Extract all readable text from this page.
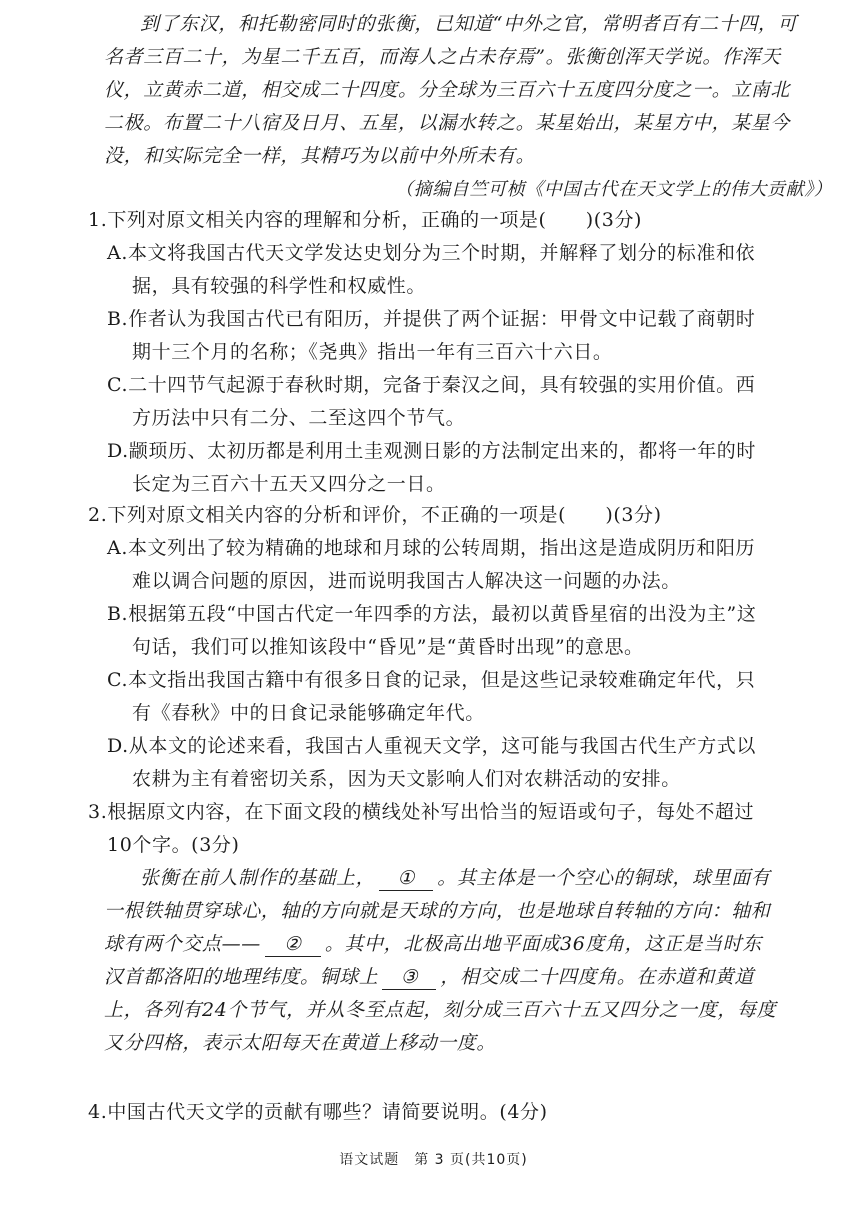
到了东汉，和托勒密同时的张衡，已知道“中外之官，常明者百有二十四，可
名者三百二十，为星二千五百，而海人之占未存焉”。张衡创浑天学说。作浑天
仪，立黄赤二道，相交成二十四度。分全球为三百六十五度四分度之一。立南北
二极。布置二十八宿及日月、五星，以漏水转之。某星始出，某星方中，某星今
没，和实际完全一样，其精巧为以前中外所未有。
（摘编自竺可桢《中国古代在天文学上的伟大贡献》）
1.下列对原文相关内容的理解和分析，正确的一项是(　　)(3分)
A.本文将我国古代天文学发达史划分为三个时期，并解释了划分的标准和依
据，具有较强的科学性和权威性。
B.作者认为我国古代已有阳历，并提供了两个证据：甲骨文中记载了商朝时
期十三个月的名称；《尧典》指出一年有三百六十六日。
C.二十四节气起源于春秋时期，完备于秦汉之间，具有较强的实用价值。西
方历法中只有二分、二至这四个节气。
D.颛顼历、太初历都是利用土圭观测日影的方法制定出来的，都将一年的时
长定为三百六十五天又四分之一日。
2.下列对原文相关内容的分析和评价，不正确的一项是(　　)(3分)
A.本文列出了较为精确的地球和月球的公转周期，指出这是造成阴历和阳历
难以调合问题的原因，进而说明我国古人解决这一问题的办法。
B.根据第五段“中国古代定一年四季的方法，最初以黄昏星宿的出没为主”这
句话，我们可以推知该段中“昏见”是“黄昏时出现”的意思。
C.本文指出我国古籍中有很多日食的记录，但是这些记录较难确定年代，只
有《春秋》中的日食记录能够确定年代。
D.从本文的论述来看，我国古人重视天文学，这可能与我国古代生产方式以
农耕为主有着密切关系，因为天文影响人们对农耕活动的安排。
3.根据原文内容，在下面文段的横线处补写出恰当的短语或句子，每处不超过
10个字。(3分)
张衡在前人制作的基础上， ① 。其主体是一个空心的铜球，球里面有
一根铁轴贯穿球心，轴的方向就是天球的方向，也是地球自转轴的方向：轴和
球有两个交点—— ② 。其中，北极高出地平面成36度角，这正是当时东
汉首都洛阳的地理纬度。铜球上 ③ ，相交成二十四度角。在赤道和黄道
上，各列有24个节气，并从冬至点起，刻分成三百六十五又四分之一度，每度
又分四格，表示太阳每天在黄道上移动一度。
4.中国古代天文学的贡献有哪些？请简要说明。(4分)
语文试题　第 3 页(共10页)
